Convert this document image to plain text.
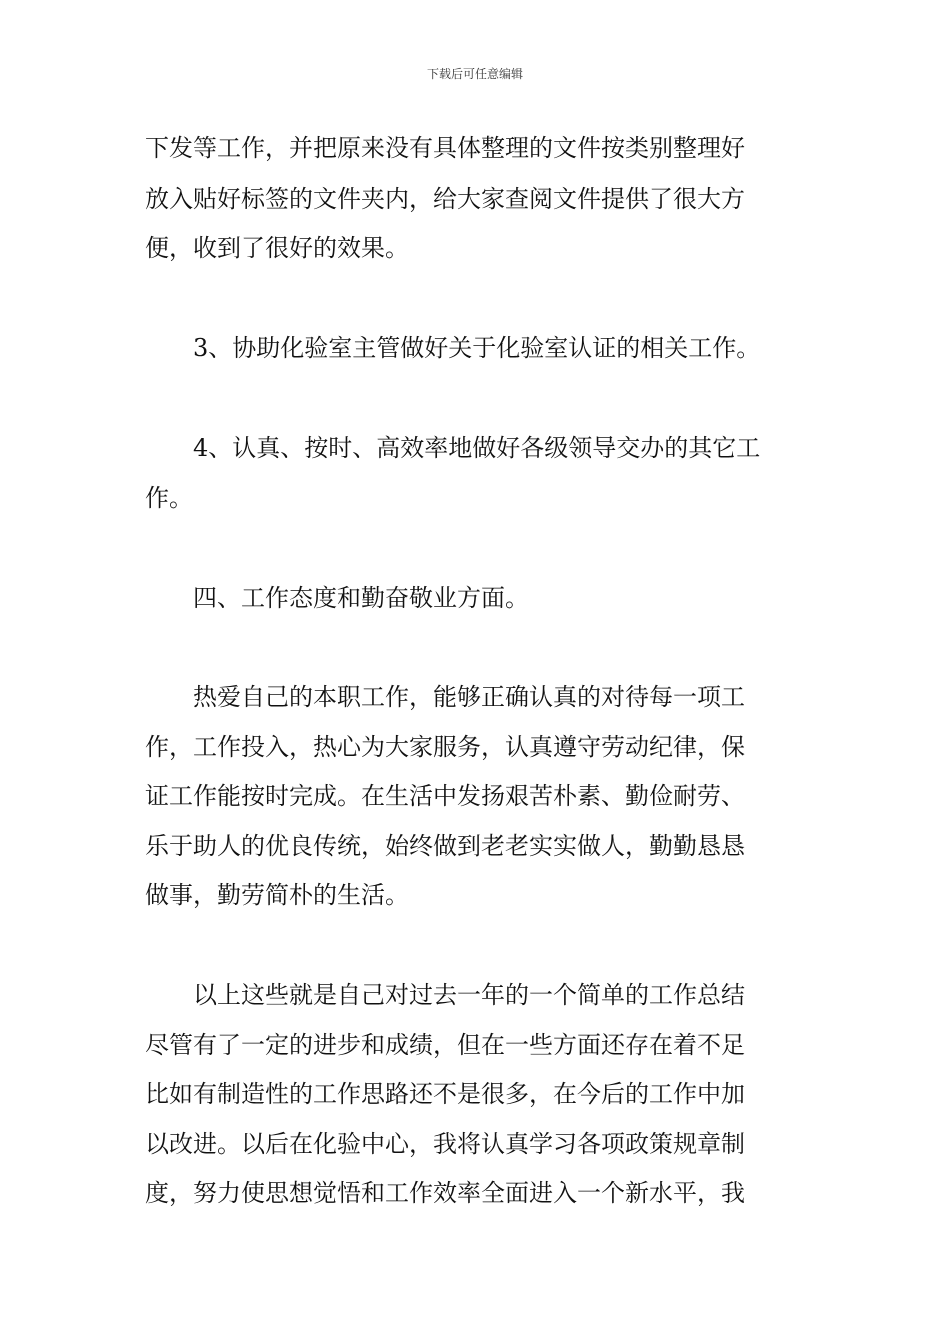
下载后可任意编辑
下发等工作，并把原来没有具体整理的文件按类别整理好
放入贴好标签的文件夹内，给大家查阅文件提供了很大方
便，收到了很好的效果。
3、协助化验室主管做好关于化验室认证的相关工作。
4、认真、按时、高效率地做好各级领导交办的其它工
作。
四、工作态度和勤奋敬业方面。
热爱自己的本职工作，能够正确认真的对待每一项工
作，工作投入，热心为大家服务，认真遵守劳动纪律，保
证工作能按时完成。在生活中发扬艰苦朴素、勤俭耐劳、
乐于助人的优良传统，始终做到老老实实做人，勤勤恳恳
做事，勤劳简朴的生活。
以上这些就是自己对过去一年的一个简单的工作总结
尽管有了一定的进步和成绩，但在一些方面还存在着不足
比如有制造性的工作思路还不是很多，在今后的工作中加
以改进。以后在化验中心，我将认真学习各项政策规章制
度，努力使思想觉悟和工作效率全面进入一个新水平，我
